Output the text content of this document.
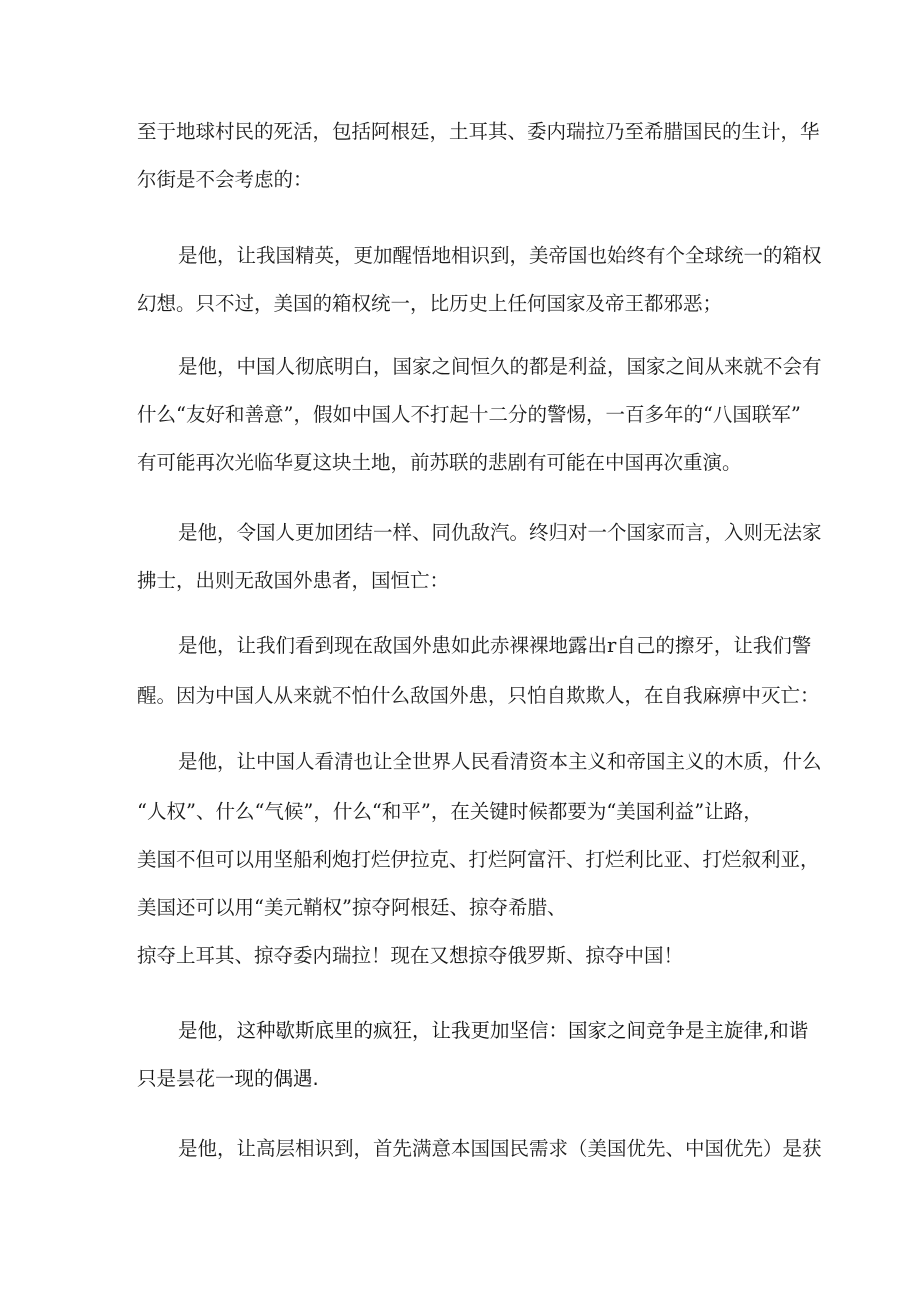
至于地球村民的死活，包括阿根廷，土耳其、委内瑞拉乃至希腊国民的生计，华
尔街是不会考虑的：
是他，让我国精英，更加醒悟地相识到，美帝国也始终有个全球统一的箱权
幻想。只不过，美国的箱权统一，比历史上任何国家及帝王都邪恶；
是他，中国人彻底明白，国家之间恒久的都是利益，国家之间从来就不会有
什么“友好和善意”，假如中国人不打起十二分的警惕，一百多年的“八国联军”
有可能再次光临华夏这块土地，前苏联的悲剧有可能在中国再次重演。
是他，令国人更加团结一样、同仇敌汽。终归对一个国家而言，入则无法家
拂士，出则无敌国外患者，国恒亡：
是他，让我们看到现在敌国外患如此赤裸裸地露出r自己的擦牙，让我们警
醒。因为中国人从来就不怕什么敌国外患，只怕自欺欺人，在自我麻痹中灭亡：
是他，让中国人看清也让全世界人民看清资本主义和帝国主义的木质，什么
“人权”、什么“气候”，什么“和平”，在关键时候都要为“美国利益”让路，
美国不但可以用坚船利炮打烂伊拉克、打烂阿富汗、打烂利比亚、打烂叙利亚，
美国还可以用“美元鞘权”掠夺阿根廷、掠夺希腊、
掠夺上耳其、掠夺委内瑞拉！现在又想掠夺俄罗斯、掠夺中国！
是他，这种歇斯底里的疯狂，让我更加坚信：国家之间竞争是主旋律,和谐
只是昙花一现的偶遇.
是他，让高层相识到，首先满意本国国民需求（美国优先、中国优先）是获
